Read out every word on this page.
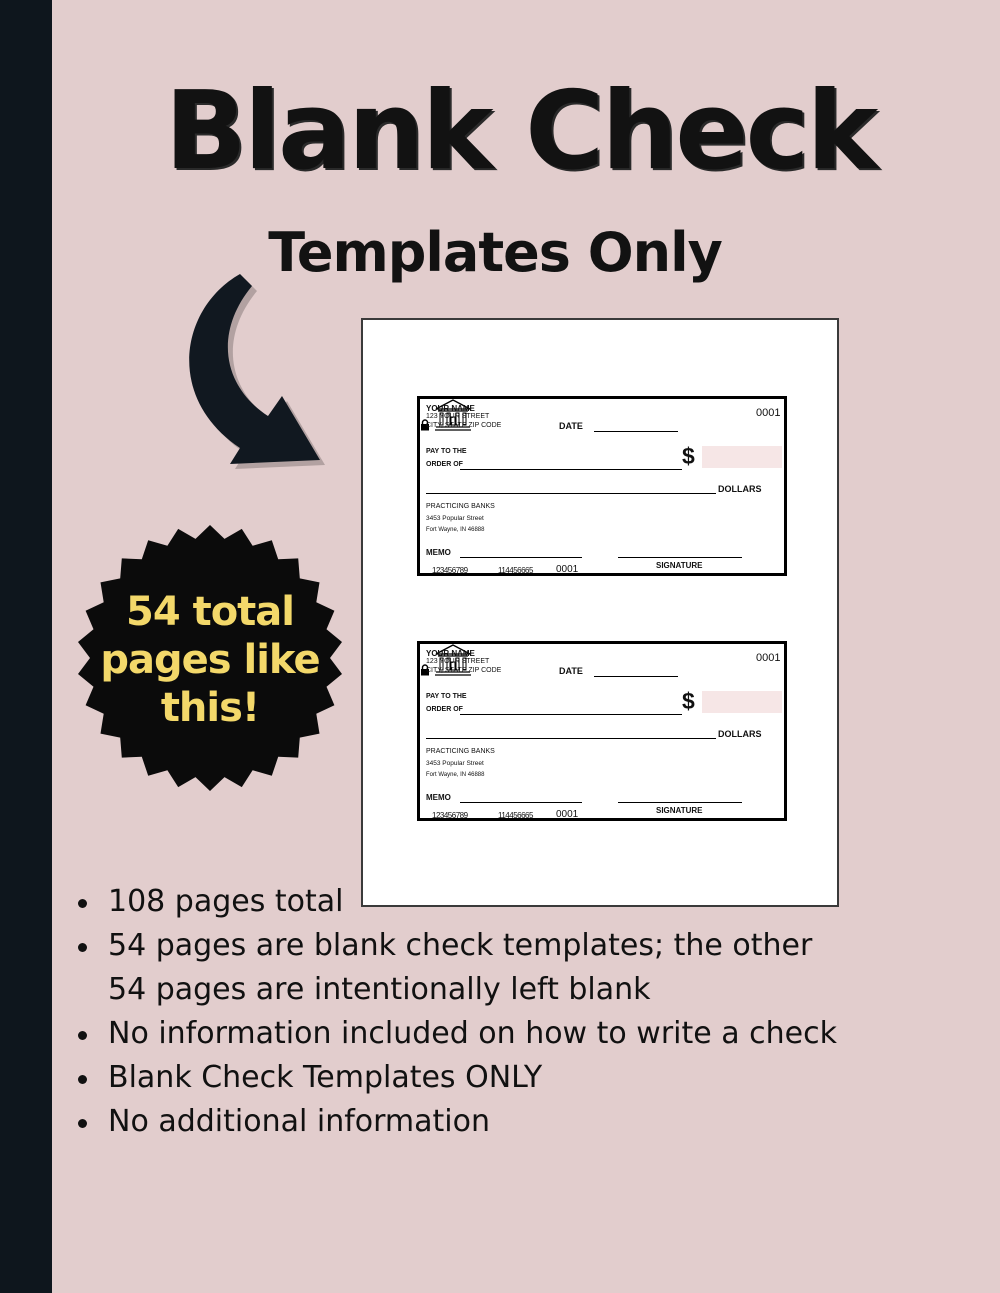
Blank Check
Templates Only
54 total
pages like
this!
YOUR NAME
123 YOUR STREET
CITY, STATE ZIP CODE
0001
DATE
PAY TO THE
ORDER OF	$
DOLLARS

PRACTICING BANKS
3453 Popular Street
Fort Wayne, IN 46888
MEMO
SIGNATURE
123456789	114456665 0001
YOUR NAME
123 YOUR STREET
CITY, STATE ZIP CODE
0001
DATE
PAY TO THE
ORDER OF	$
DOLLARS

PRACTICING BANKS
3453 Popular Street
Fort Wayne, IN 46888
MEMO
SIGNATURE
123456789	114456665 0001
108 pages total
54 pages are blank check templates; the other
54 pages are intentionally left blank
No information included on how to write a check
Blank Check Templates ONLY
No additional information
